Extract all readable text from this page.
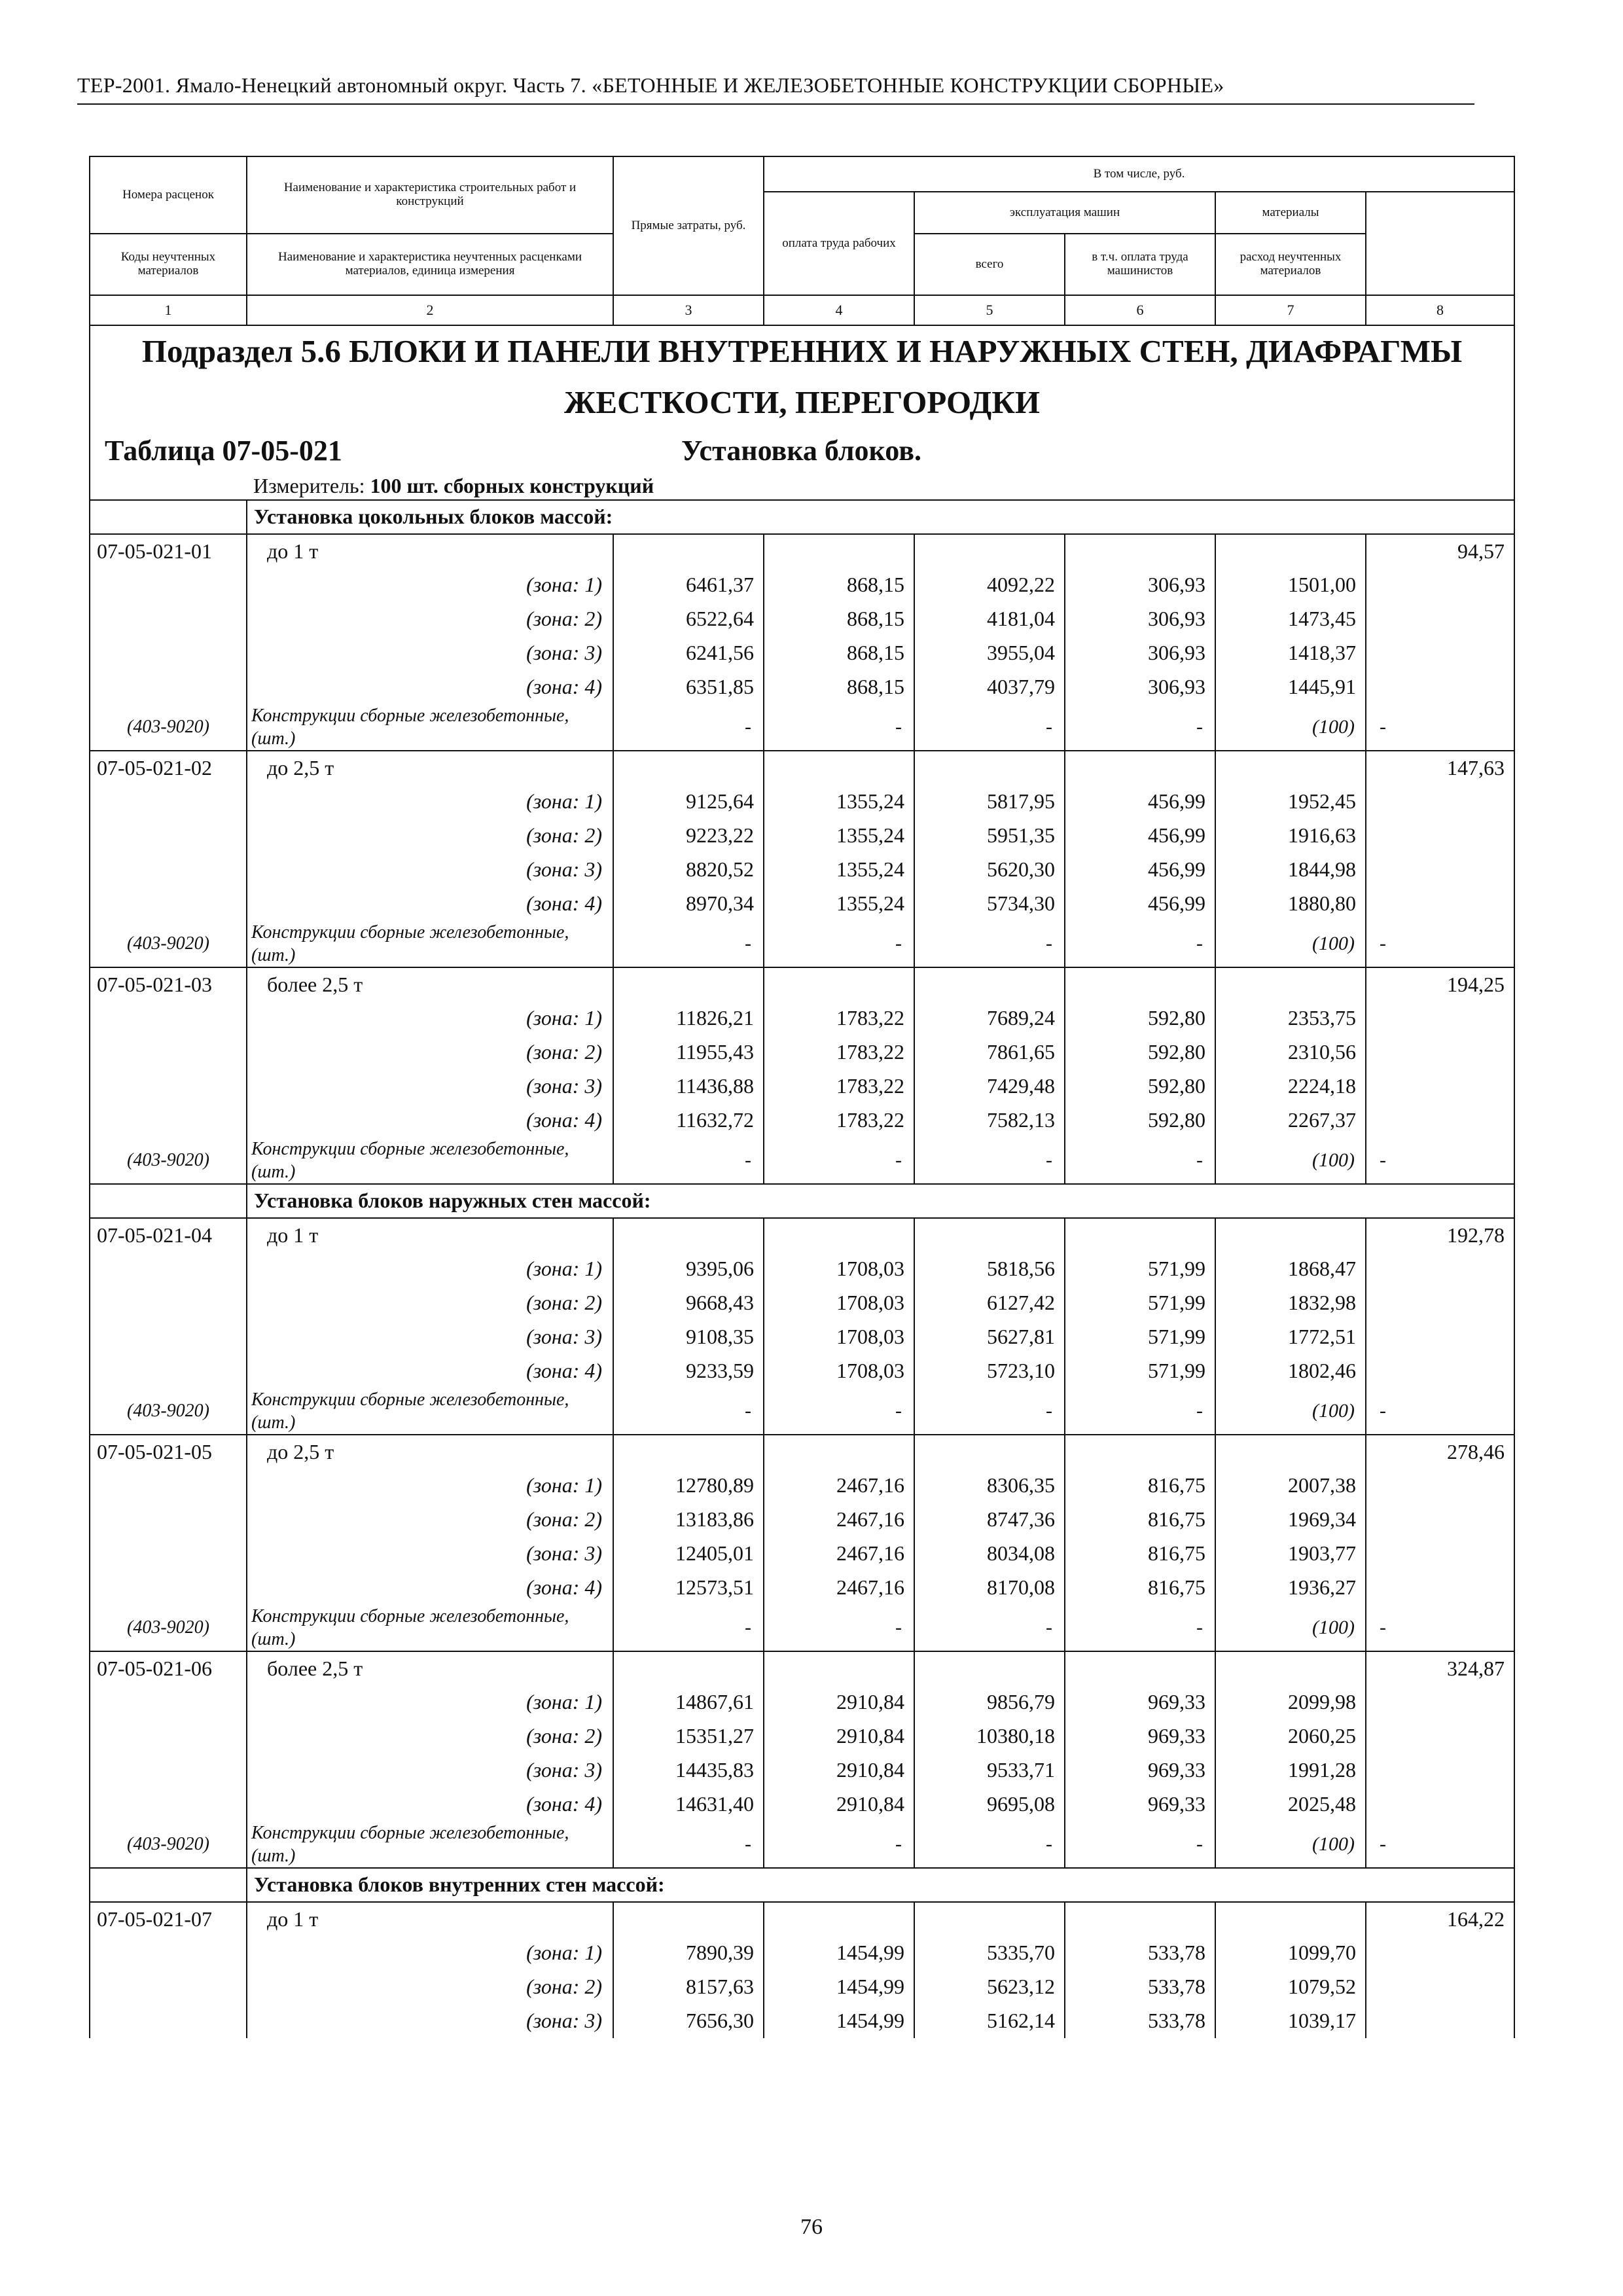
ТЕР-2001. Ямало-Ненецкий автономный округ. Часть 7. «БЕТОННЫЕ И ЖЕЛЕЗОБЕТОННЫЕ КОНСТРУКЦИИ СБОРНЫЕ»
Номера расценок	Наименование и характеристика строительных работ и конструкций	Прямые затраты, руб.	В том числе, руб.	
			оплата труда рабочих	эксплуатация машин		материалы		
Коды неучтенных материалов	Наименование и характеристика неучтенных расценками материалов, единица измерения			всего	в т.ч. оплата труда машинистов	расход неучтенных материалов		
1	2	3	4	5	6	7	8	

Подраздел 5.6 БЛОКИ И ПАНЕЛИ ВНУТРЕННИХ И НАРУЖНЫХ СТЕН, ДИАФРАГМЫ
ЖЕСТКОСТИ, ПЕРЕГОРОДКИ								

Таблица 07-05-021			Установка блоков.					
	Измеритель: 100 шт. сборных конструкций							
	Установка цокольных блоков массой:							
07-05-021-01	до 1 т						94,57	
	(зона: 1)	6461,37	868,15	4092,22	306,93	1501,00		
	(зона: 2)	6522,64	868,15	4181,04	306,93	1473,45		
	(зона: 3)	6241,56	868,15	3955,04	306,93	1418,37		
	(зона: 4)	6351,85	868,15	4037,79	306,93	1445,91		
(403-9020)	Конструкции сборные железобетонные, (шт.)	-	-	-	-	(100)	-	
07-05-021-02	до 2,5 т						147,63	
	(зона: 1)	9125,64	1355,24	5817,95	456,99	1952,45		
	(зона: 2)	9223,22	1355,24	5951,35	456,99	1916,63		
	(зона: 3)	8820,52	1355,24	5620,30	456,99	1844,98		
	(зона: 4)	8970,34	1355,24	5734,30	456,99	1880,80		
(403-9020)	Конструкции сборные железобетонные, (шт.)	-	-	-	-	(100)	-	
07-05-021-03	более 2,5 т						194,25	
	(зона: 1)	11826,21	1783,22	7689,24	592,80	2353,75		
	(зона: 2)	11955,43	1783,22	7861,65	592,80	2310,56		
	(зона: 3)	11436,88	1783,22	7429,48	592,80	2224,18		
	(зона: 4)	11632,72	1783,22	7582,13	592,80	2267,37		
(403-9020)	Конструкции сборные железобетонные, (шт.)	-	-	-	-	(100)	-	
	Установка блоков наружных стен массой:							
07-05-021-04	до 1 т						192,78	
	(зона: 1)	9395,06	1708,03	5818,56	571,99	1868,47		
	(зона: 2)	9668,43	1708,03	6127,42	571,99	1832,98		
	(зона: 3)	9108,35	1708,03	5627,81	571,99	1772,51		
	(зона: 4)	9233,59	1708,03	5723,10	571,99	1802,46		
(403-9020)	Конструкции сборные железобетонные, (шт.)	-	-	-	-	(100)	-	
07-05-021-05	до 2,5 т						278,46	
	(зона: 1)	12780,89	2467,16	8306,35	816,75	2007,38		
	(зона: 2)	13183,86	2467,16	8747,36	816,75	1969,34		
	(зона: 3)	12405,01	2467,16	8034,08	816,75	1903,77		
	(зона: 4)	12573,51	2467,16	8170,08	816,75	1936,27		
(403-9020)	Конструкции сборные железобетонные, (шт.)	-	-	-	-	(100)	-	
07-05-021-06	более 2,5 т						324,87	
	(зона: 1)	14867,61	2910,84	9856,79	969,33	2099,98		
	(зона: 2)	15351,27	2910,84	10380,18	969,33	2060,25		
	(зона: 3)	14435,83	2910,84	9533,71	969,33	1991,28		
	(зона: 4)	14631,40	2910,84	9695,08	969,33	2025,48		
(403-9020)	Конструкции сборные железобетонные, (шт.)	-	-	-	-	(100)	-	
	Установка блоков внутренних стен массой:							
07-05-021-07	до 1 т						164,22	
	(зона: 1)	7890,39	1454,99	5335,70	533,78	1099,70		
	(зона: 2)	8157,63	1454,99	5623,12	533,78	1079,52		
	(зона: 3)	7656,30	1454,99	5162,14	533,78	1039,17		
76
